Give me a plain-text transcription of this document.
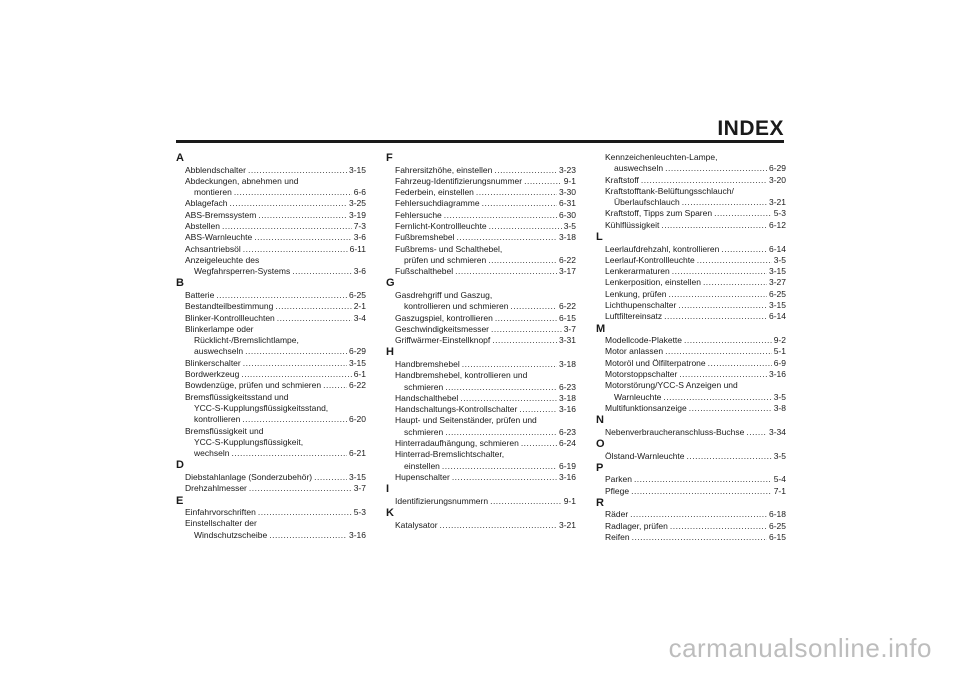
INDEX
A
Abblendschalter .....	3-15
Abdeckungen, abnehmen und
montieren .....	6-6
Ablagefach .....	3-25
ABS-Bremssystem .....	3-19
Abstellen .....	7-3
ABS-Warnleuchte .....	3-6
Achsantriebsöl .....	6-11
Anzeigeleuchte des
Wegfahrsperren-Systems .....	3-6
B
Batterie .....	6-25
Bestandteilbestimmung .....	2-1
Blinker-Kontrollleuchten .....	3-4
Blinkerlampe oder
Rücklicht-/Bremslichtlampe,
auswechseln .....	6-29
Blinkerschalter .....	3-15
Bordwerkzeug .....	6-1
Bowdenzüge, prüfen und schmieren .....	6-22
Bremsflüssigkeitsstand und
YCC-S-Kupplungsflüssigkeitsstand,
kontrollieren .....	6-20
Bremsflüssigkeit und
YCC-S-Kupplungsflüssigkeit,
wechseln .....	6-21
D
Diebstahlanlage (Sonderzubehör) .....	3-15
Drehzahlmesser .....	3-7
E
Einfahrvorschriften .....	5-3
Einstellschalter der
Windschutzscheibe .....	3-16
F
Fahrersitzhöhe, einstellen .....	3-23
Fahrzeug-Identifizierungsnummer .....	9-1
Federbein, einstellen .....	3-30
Fehlersuchdiagramme .....	6-31
Fehlersuche .....	6-30
Fernlicht-Kontrollleuchte .....	3-5
Fußbremshebel .....	3-18
Fußbrems- und Schalthebel,
prüfen und schmieren .....	6-22
Fußschalthebel .....	3-17
G
Gasdrehgriff und Gaszug,
kontrollieren und schmieren .....	6-22
Gaszugspiel, kontrollieren .....	6-15
Geschwindigkeitsmesser .....	3-7
Griffwärmer-Einstellknopf .....	3-31
H
Handbremshebel .....	3-18
Handbremshebel, kontrollieren und
schmieren .....	6-23
Handschalthebel .....	3-18
Handschaltungs-Kontrollschalter .....	3-16
Haupt- und Seitenständer, prüfen und
schmieren .....	6-23
Hinterradaufhängung, schmieren .....	6-24
Hinterrad-Bremslichtschalter,
einstellen .....	6-19
Hupenschalter .....	3-16
I
Identifizierungsnummern .....	9-1
K
Katalysator .....	3-21
Kennzeichenleuchten-Lampe,
auswechseln .....	6-29
Kraftstoff .....	3-20
Kraftstofftank-Belüftungsschlauch/
Überlaufschlauch .....	3-21
Kraftstoff, Tipps zum Sparen .....	5-3
Kühlflüssigkeit .....	6-12
L
Leerlaufdrehzahl, kontrollieren .....	6-14
Leerlauf-Kontrollleuchte .....	3-5
Lenkerarmaturen .....	3-15
Lenkerposition, einstellen .....	3-27
Lenkung, prüfen .....	6-25
Lichthupenschalter .....	3-15
Luftfiltereinsatz .....	6-14
M
Modellcode-Plakette .....	9-2
Motor anlassen .....	5-1
Motoröl und Ölfilterpatrone .....	6-9
Motorstoppschalter .....	3-16
Motorstörung/YCC-S Anzeigen und
Warnleuchte .....	3-5
Multifunktionsanzeige .....	3-8
N
Nebenverbraucheranschluss-Buchse .....	3-34
O
Ölstand-Warnleuchte .....	3-5
P
Parken .....	5-4
Pflege .....	7-1
R
Räder .....	6-18
Radlager, prüfen .....	6-25
Reifen .....	6-15
carmanualsonline.info
